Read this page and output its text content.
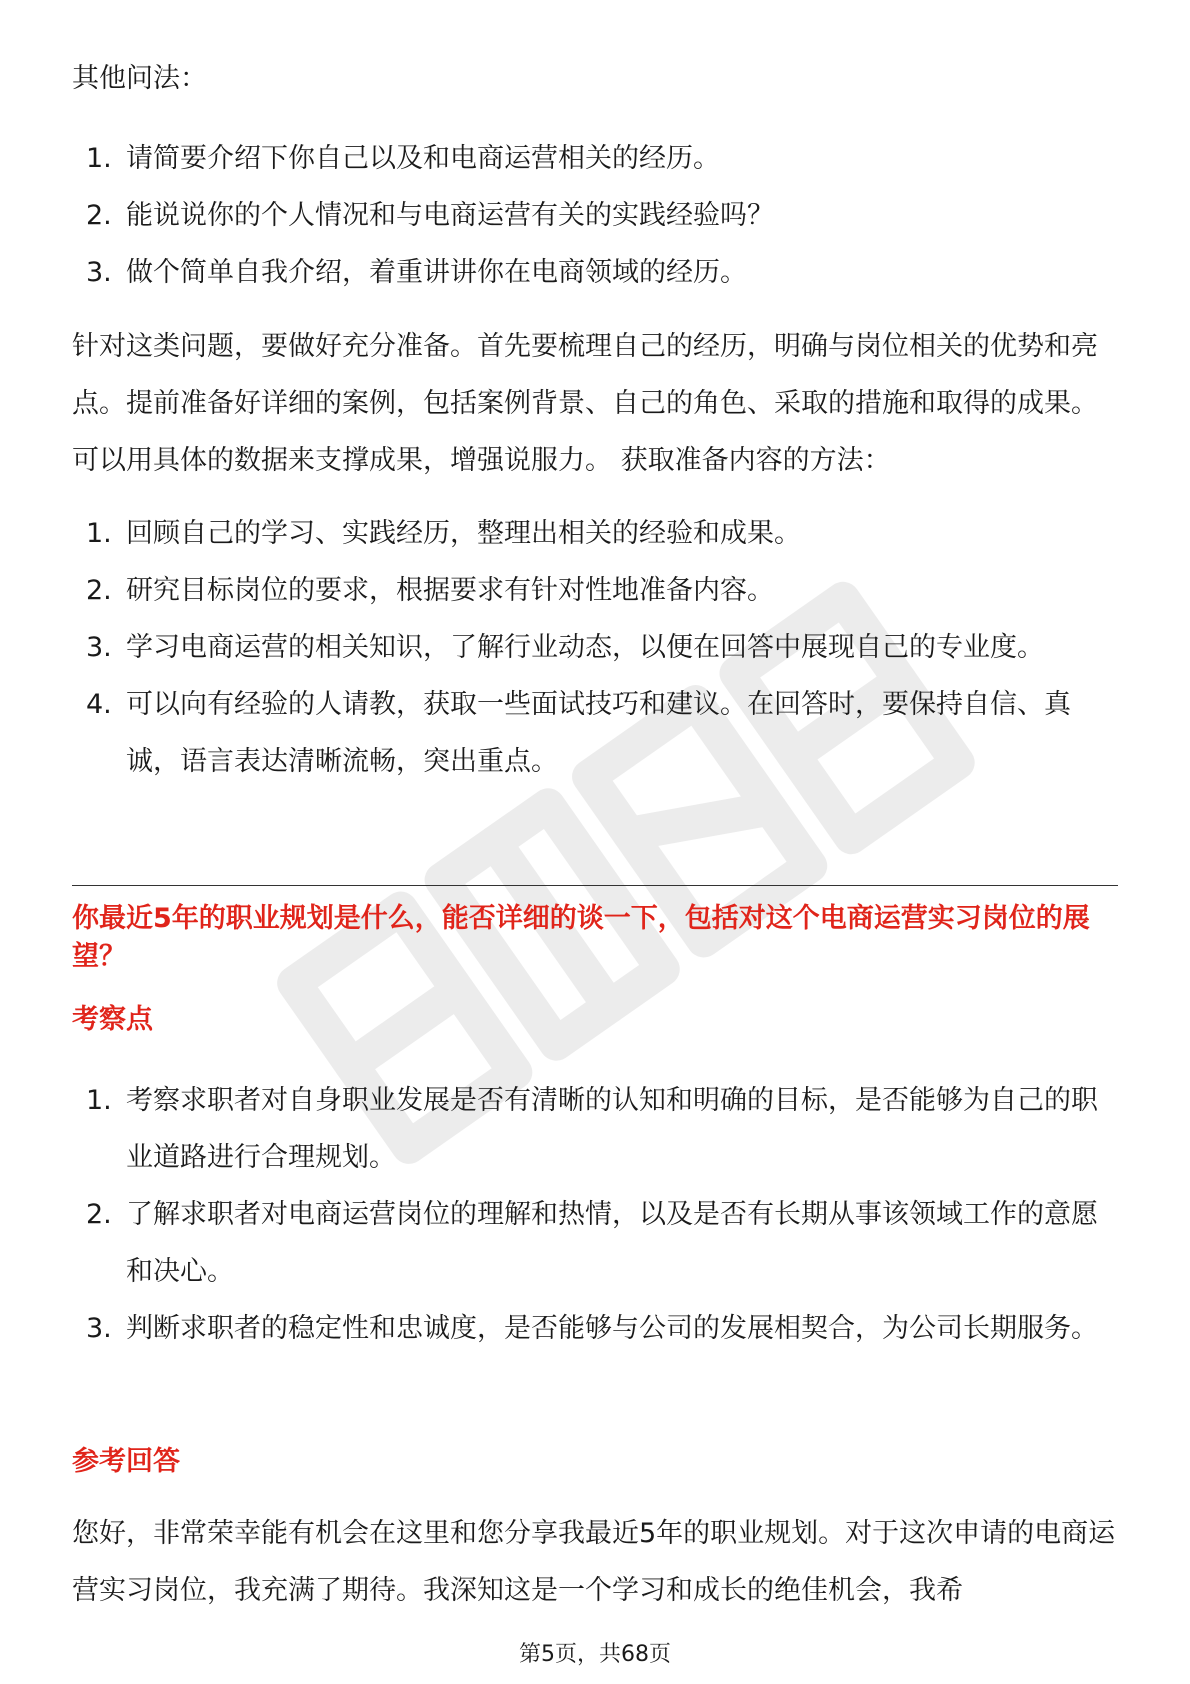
其他问法：

1. 请简要介绍下你自己以及和电商运营相关的经历。
2. 能说说你的个人情况和与电商运营有关的实践经验吗？
3. 做个简单自我介绍，着重讲讲你在电商领域的经历。

针对这类问题，要做好充分准备。首先要梳理自己的经历，明确与岗位相关的优势和亮点。提前准备好详细的案例，包括案例背景、自己的角色、采取的措施和取得的成果。可以用具体的数据来支撑成果，增强说服力。 获取准备内容的方法：

1. 回顾自己的学习、实践经历，整理出相关的经验和成果。
2. 研究目标岗位的要求，根据要求有针对性地准备内容。
3. 学习电商运营的相关知识，了解行业动态，以便在回答中展现自己的专业度。
4. 可以向有经验的人请教，获取一些面试技巧和建议。在回答时，要保持自信、真诚，语言表达清晰流畅，突出重点。

你最近5年的职业规划是什么，能否详细的谈一下，包括对这个电商运营实习岗位的展望？

考察点

1. 考察求职者对自身职业发展是否有清晰的认知和明确的目标，是否能够为自己的职业道路进行合理规划。
2. 了解求职者对电商运营岗位的理解和热情，以及是否有长期从事该领域工作的意愿和决心。
3. 判断求职者的稳定性和忠诚度，是否能够与公司的发展相契合，为公司长期服务。

参考回答

您好，非常荣幸能有机会在这里和您分享我最近5年的职业规划。对于这次申请的电商运营实习岗位，我充满了期待。我深知这是一个学习和成长的绝佳机会，我希

第5页，共68页
